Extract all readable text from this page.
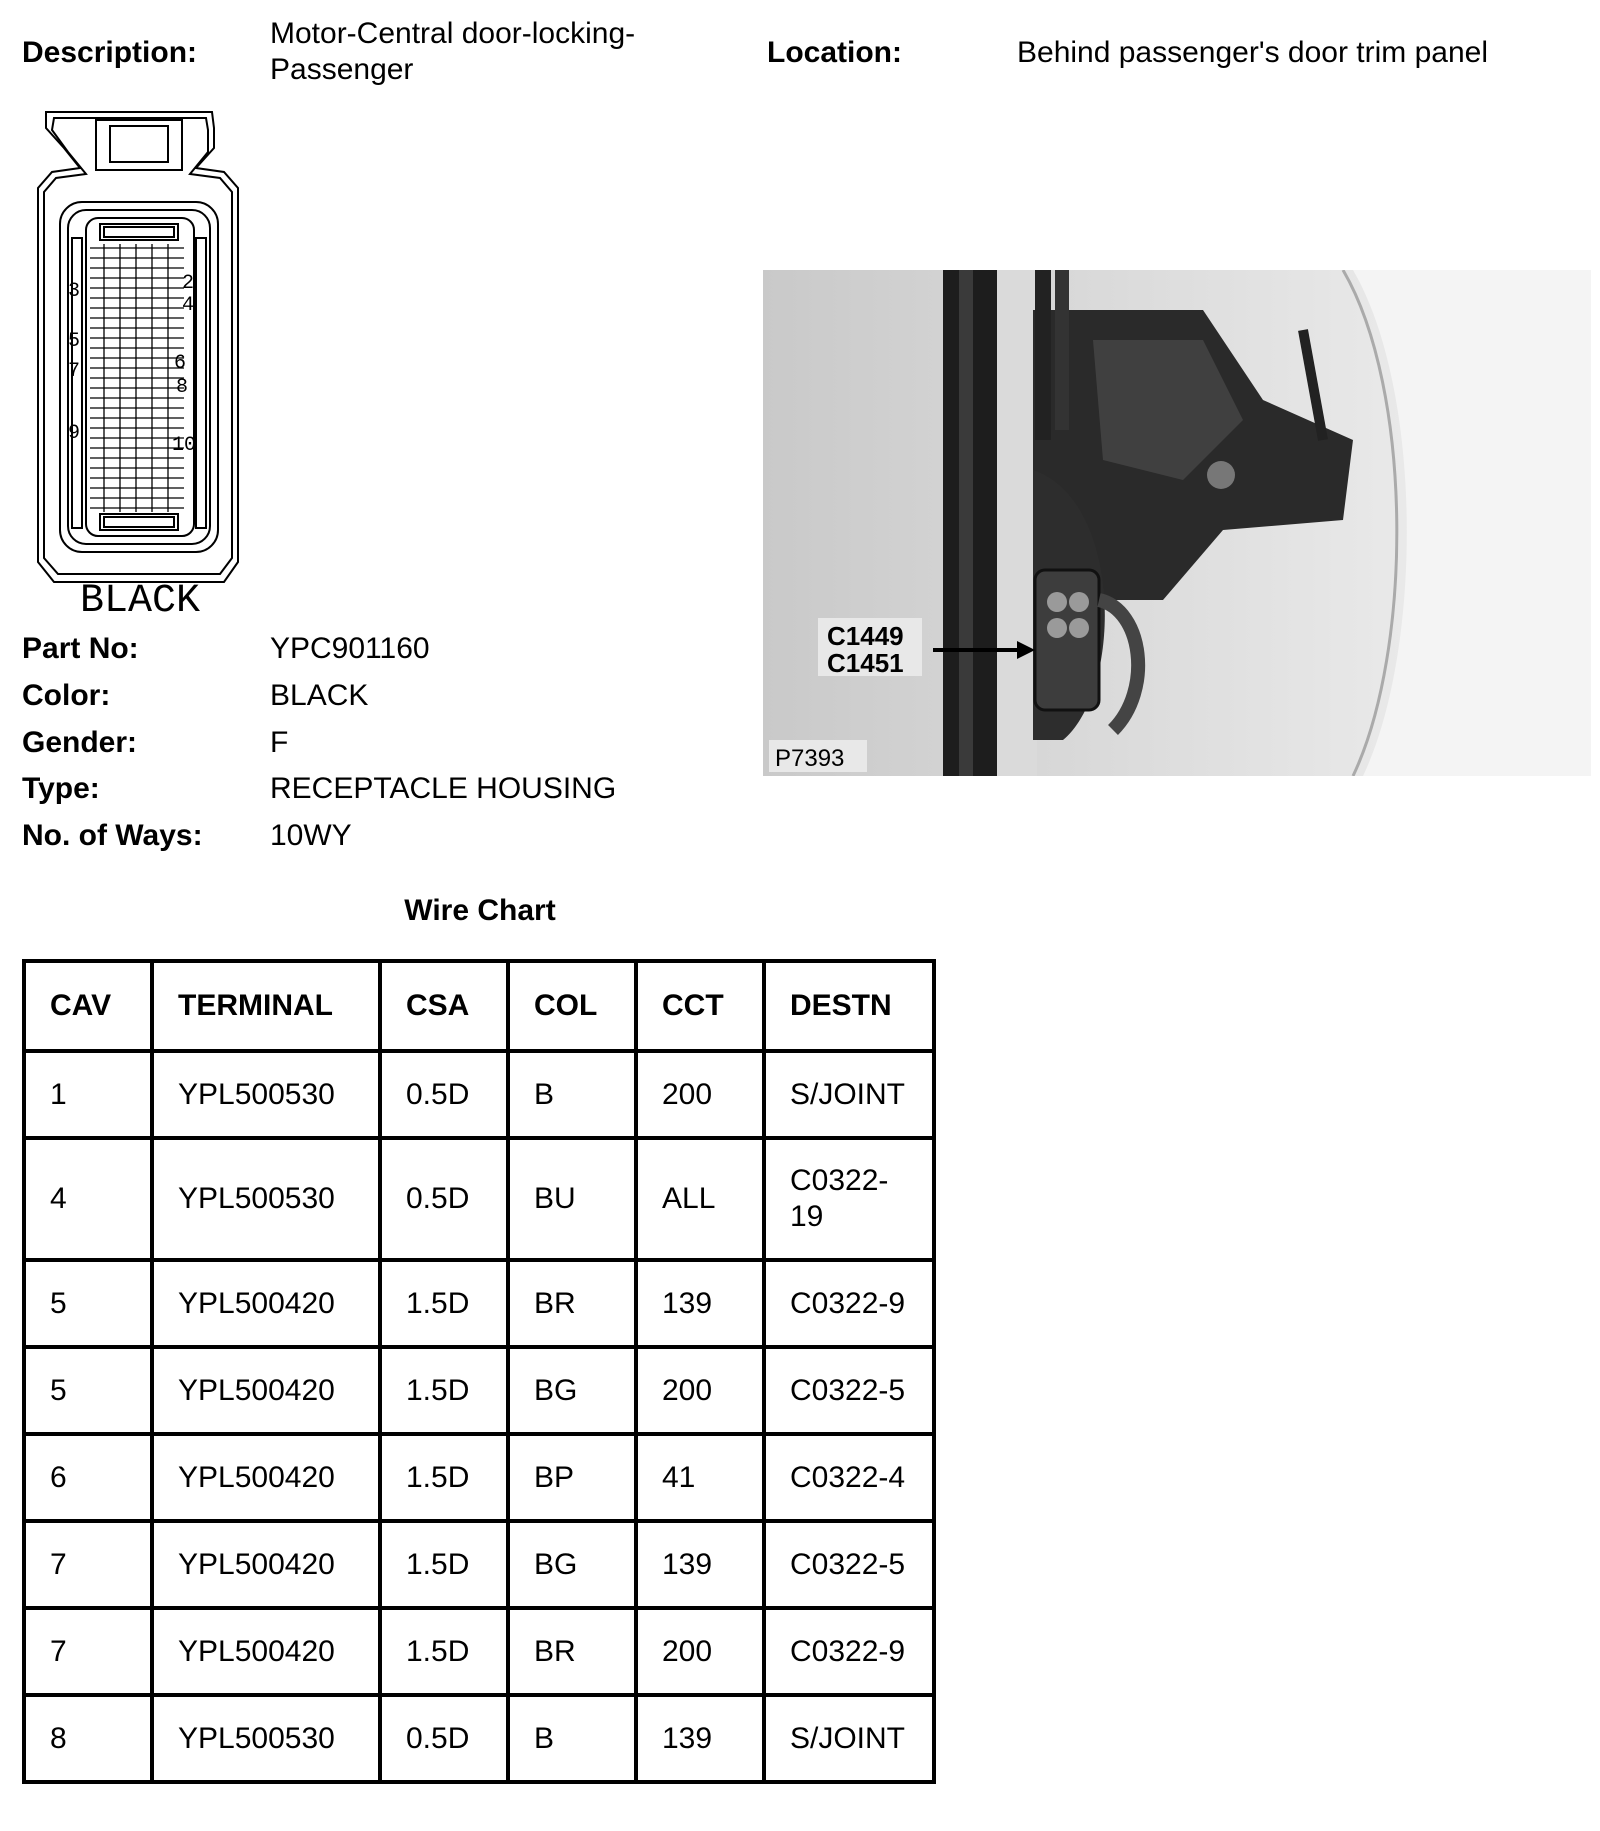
Description:
Motor-Central door-locking-
Passenger
Location:	Behind passenger's door trim panel
2
3
4
5
6
7
8
9
10
BLACK
Part No:	YPC901160
Color:	BLACK
Gender:	F
Type:	RECEPTACLE HOUSING
No. of Ways: 10WY
C1449
C1451
P7393
Wire Chart
CAV	TERMINAL	CSA	COL	CCT	DESTN
1	YPL500530	0.5D	B	200	S/JOINT
4	YPL500530	0.5D	BU	ALL	C0322-
19
5	YPL500420	1.5D	BR	139	C0322-9
5	YPL500420	1.5D	BG	200	C0322-5
6	YPL500420	1.5D	BP	41	C0322-4
7	YPL500420	1.5D	BG	139	C0322-5
7	YPL500420	1.5D	BR	200	C0322-9
8	YPL500530	0.5D	B	139	S/JOINT
